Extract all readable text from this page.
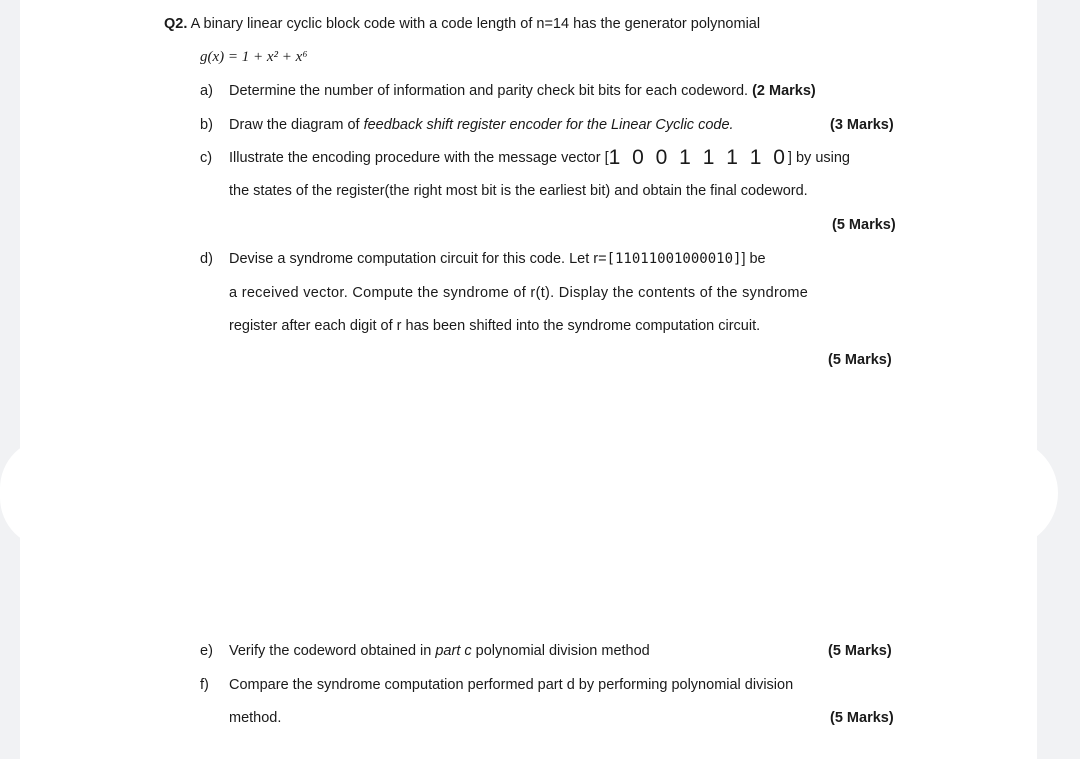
Q2. A binary linear cyclic block code with a code length of n=14 has the generator polynomial
g(x) = 1 + x² + x⁶
a) Determine the number of information and parity check bit bits for each codeword. (2 Marks)
b) Draw the diagram of feedback shift register encoder for the Linear Cyclic code.	(3 Marks)
c) Illustrate the encoding procedure with the message vector [1 0 0 1 1 1 1 0] by using
the states of the register(the right most bit is the earliest bit) and obtain the final codeword.
(5 Marks)
d) Devise a syndrome computation circuit for this code. Let r=[11011001000010]] be
a received vector. Compute the syndrome of r(t). Display the contents of the syndrome
register after each digit of r has been shifted into the syndrome computation circuit.
(5 Marks)
e) Verify the codeword obtained in part c polynomial division method	(5 Marks)
f) Compare the syndrome computation performed part d by performing polynomial division
method.	(5 Marks)
